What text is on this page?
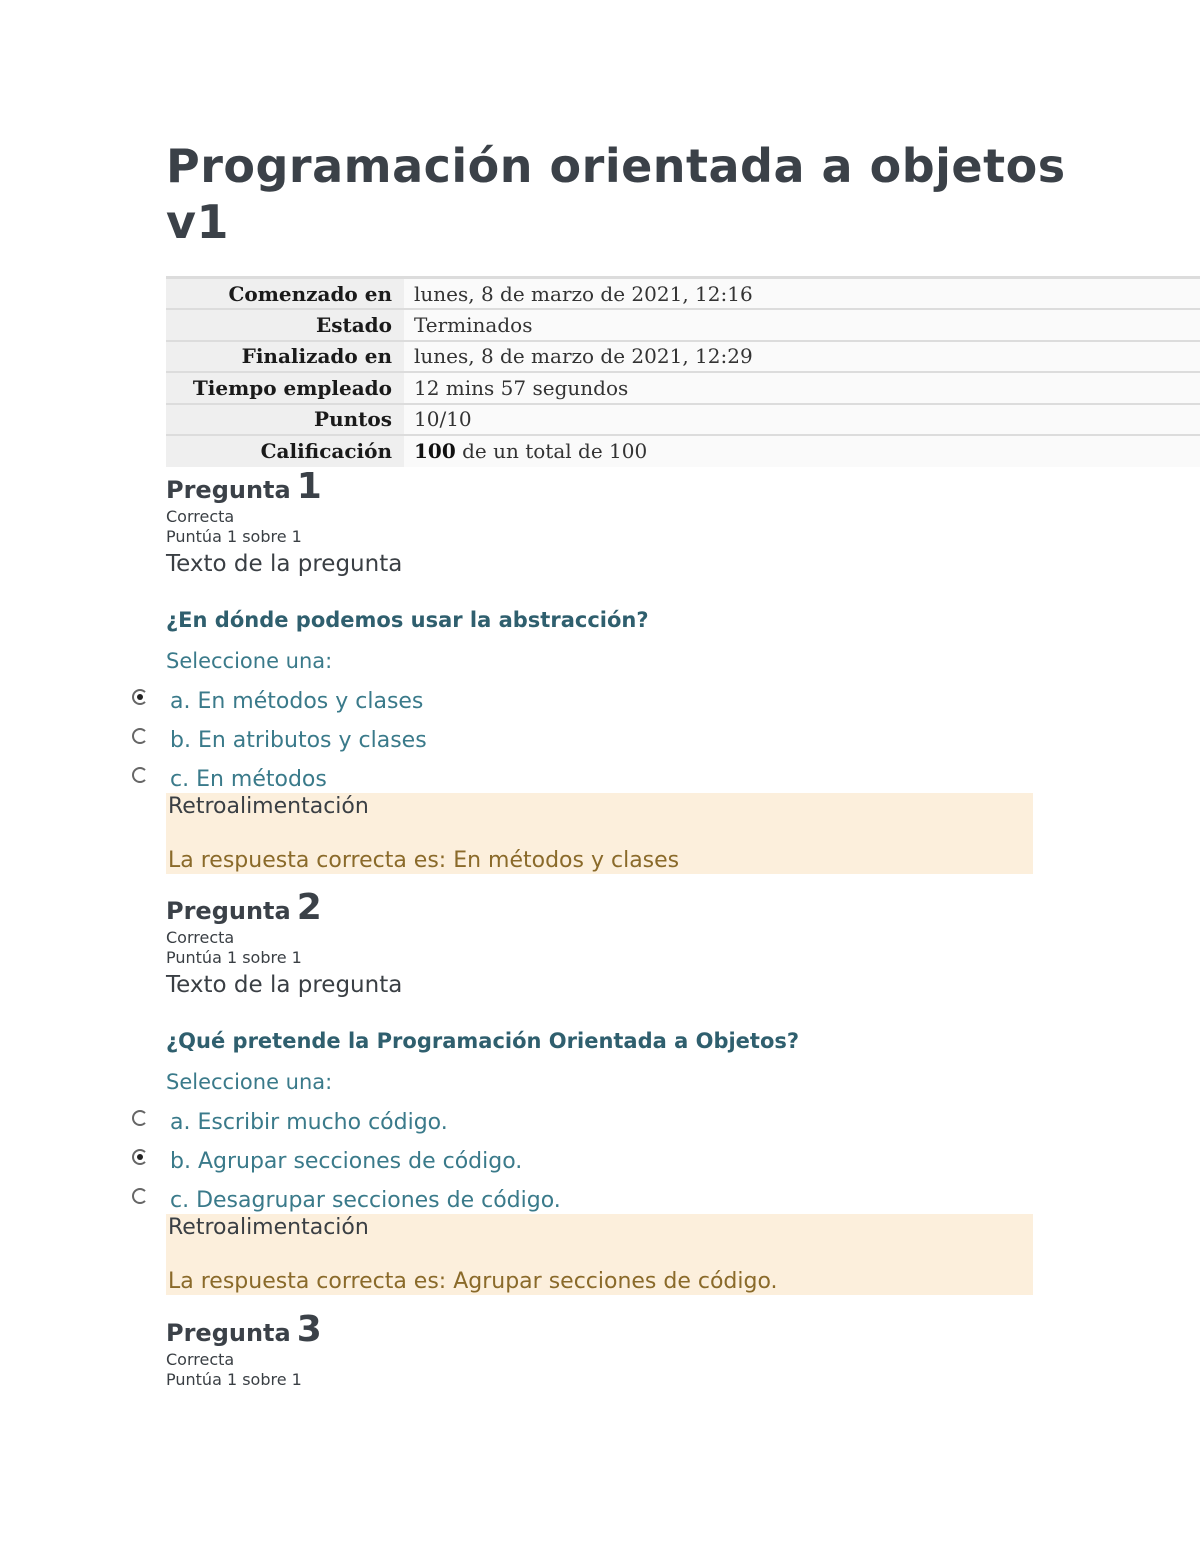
Programación orientada a objetos v1
Comenzado en	lunes, 8 de marzo de 2021, 12:16
Estado	Terminados
Finalizado en	lunes, 8 de marzo de 2021, 12:29
Tiempo empleado	12 mins 57 segundos
Puntos	10/10
Calificación	100 de un total de 100
Pregunta 1
Correcta
Puntúa 1 sobre 1
Texto de la pregunta
¿En dónde podemos usar la abstracción?
Seleccione una:
a. En métodos y clases
b. En atributos y clases
c. En métodos
Retroalimentación
La respuesta correcta es: En métodos y clases
Pregunta 2
Correcta
Puntúa 1 sobre 1
Texto de la pregunta
¿Qué pretende la Programación Orientada a Objetos?
Seleccione una:
a. Escribir mucho código.
b. Agrupar secciones de código.
c. Desagrupar secciones de código.
Retroalimentación
La respuesta correcta es: Agrupar secciones de código.
Pregunta 3
Correcta
Puntúa 1 sobre 1
